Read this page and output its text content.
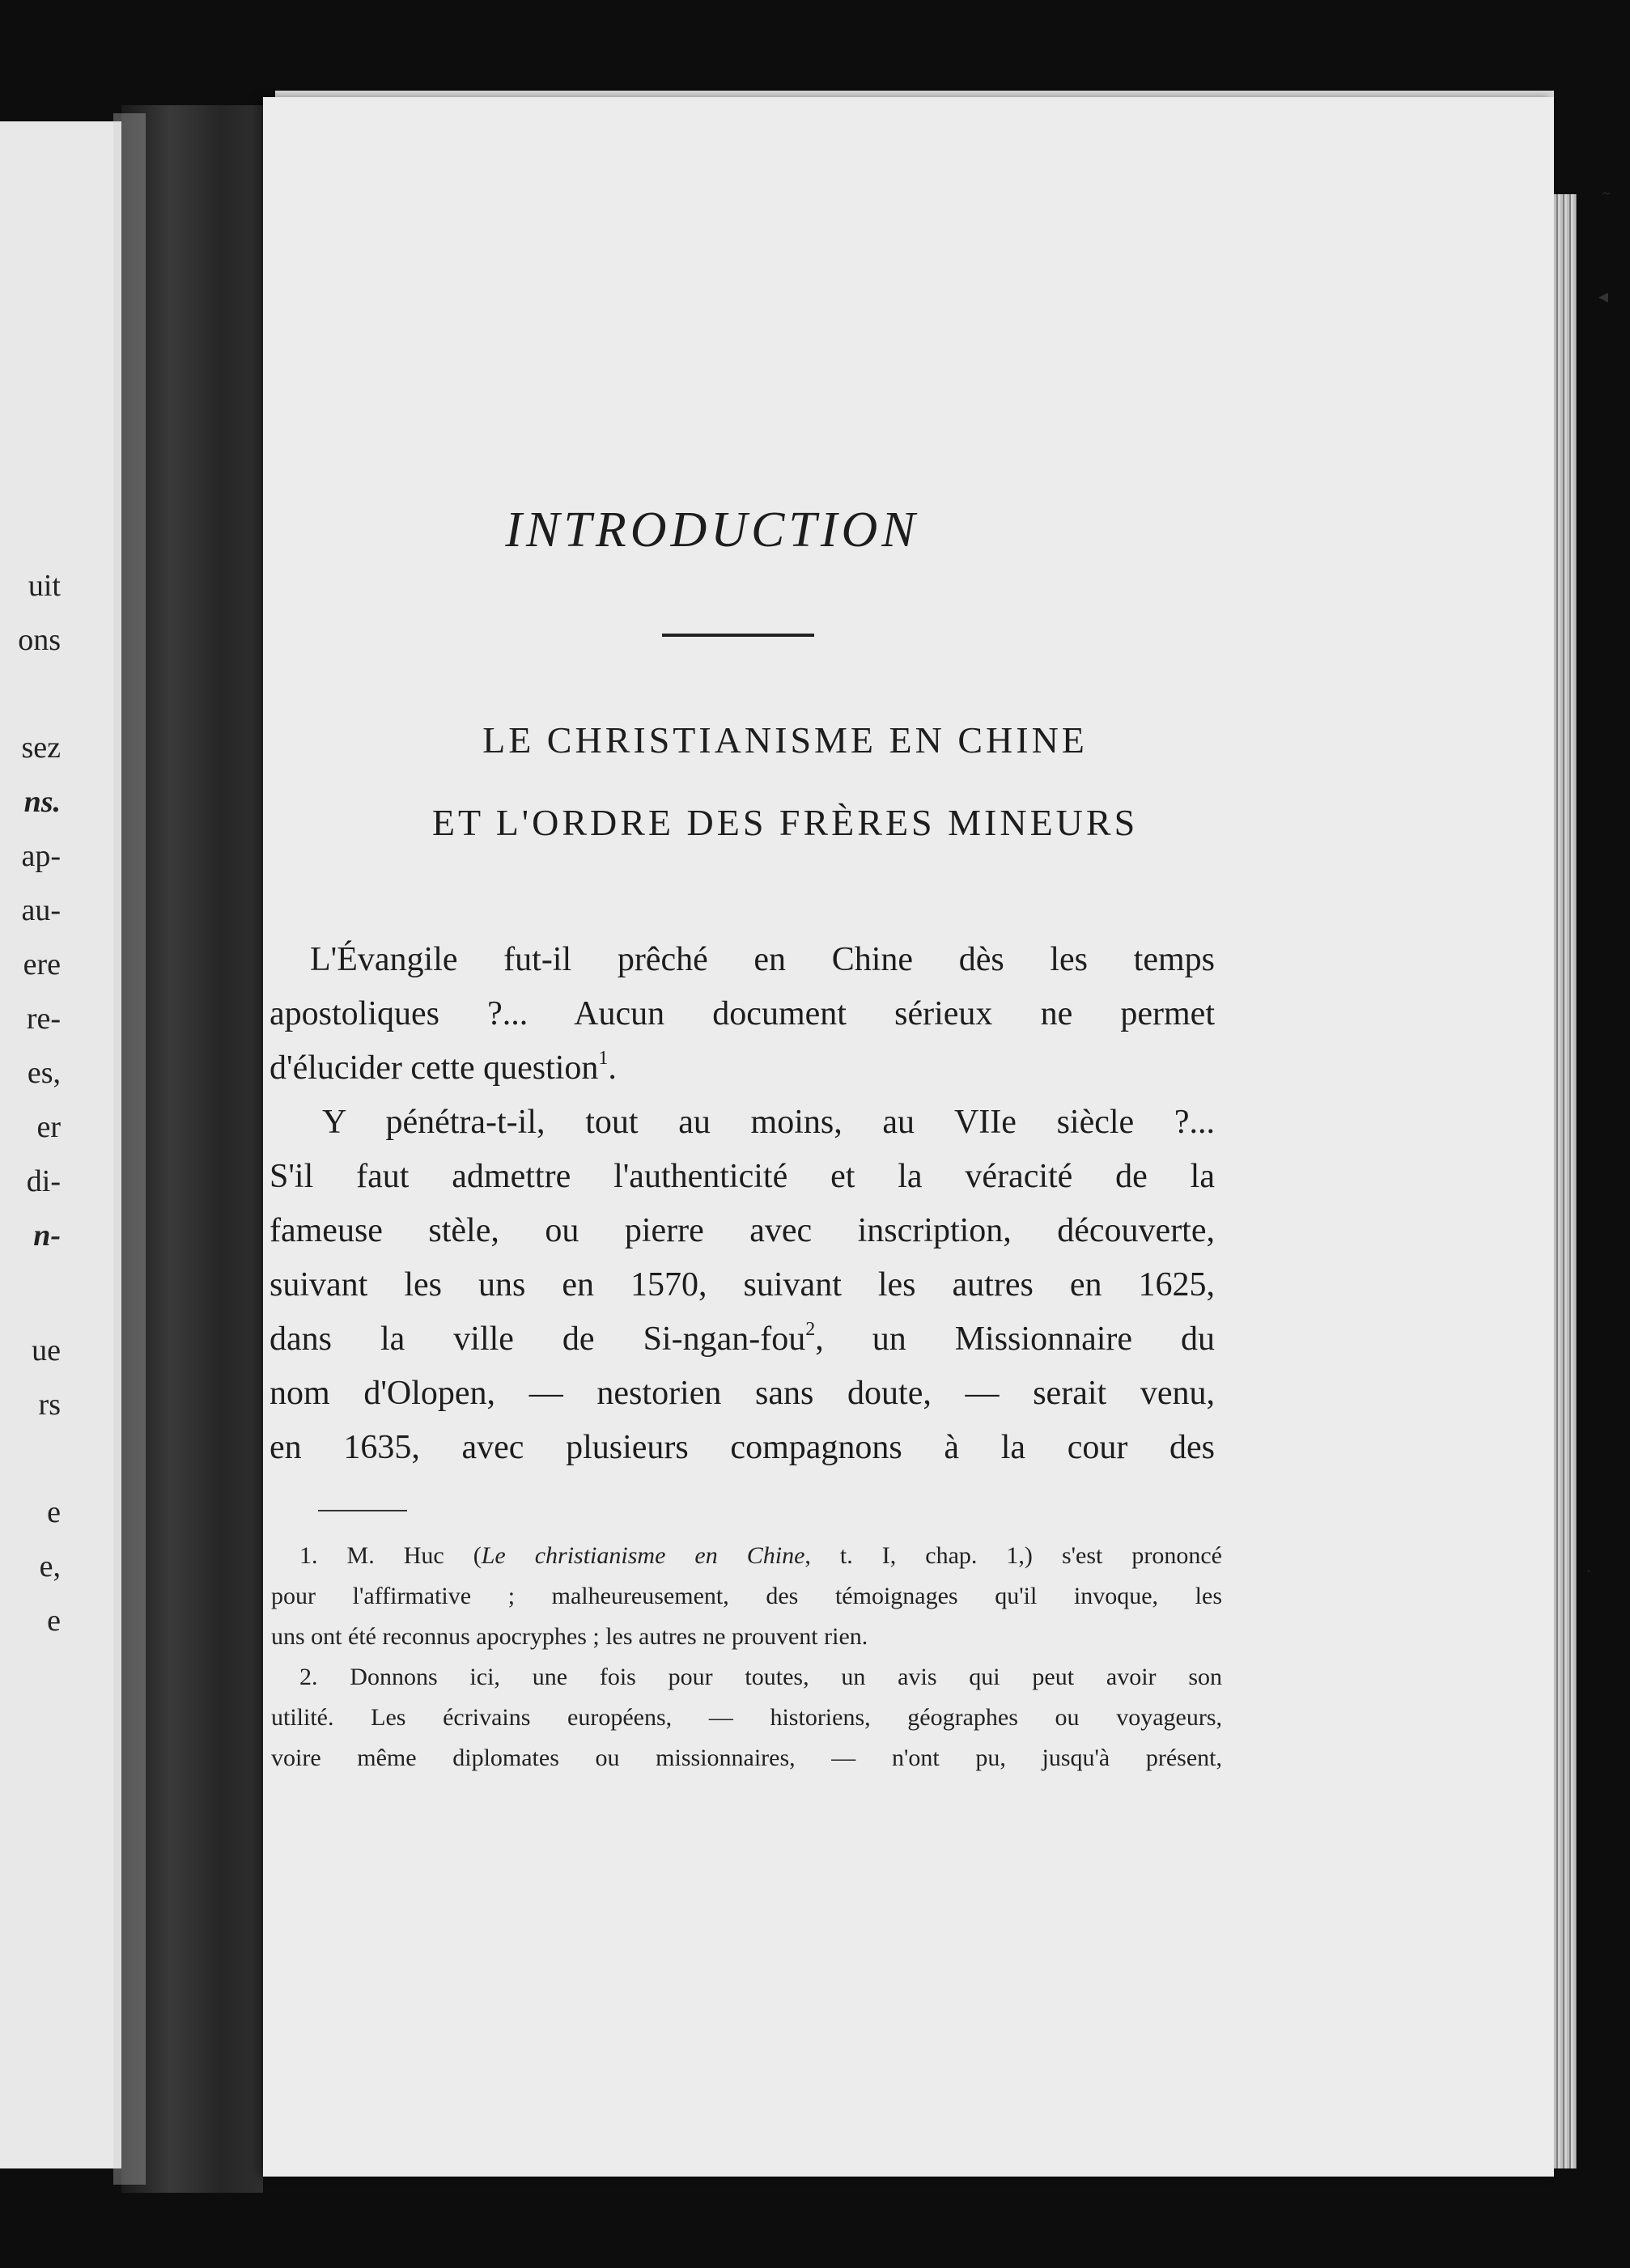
uit
ons
sez
ns.
ap-
au-
ere
re-
es,
er
di-
n-
ue
rs
e
e,
e
INTRODUCTION
LE CHRISTIANISME EN CHINE
ET L'ORDRE DES FRÈRES MINEURS
L'Évangile fut-il prêché en Chine dès les temps
apostoliques ?... Aucun document sérieux ne permet
d'élucider cette question$^1$.
Y pénétra-t-il, tout au moins, au VIIe siècle ?...
S'il faut admettre l'authenticité et la véracité de la
fameuse stèle, ou pierre avec inscription, découverte,
suivant les uns en 1570, suivant les autres en 1625,
dans la ville de Si-ngan-fou$^2$, un Missionnaire du
nom d'Olopen, — nestorien sans doute, — serait venu,
en 1635, avec plusieurs compagnons à la cour des
1. M. Huc (Le christianisme en Chine, t. I, chap. 1,) s'est prononcé
pour l'affirmative ; malheureusement, des témoignages qu'il invoque, les
uns ont été reconnus apocryphes ; les autres ne prouvent rien.
2. Donnons ici, une fois pour toutes, un avis qui peut avoir son
utilité. Les écrivains européens, — historiens, géographes ou voyageurs,
voire même diplomates ou missionnaires, — n'ont pu, jusqu'à présent,
◂
~
·
